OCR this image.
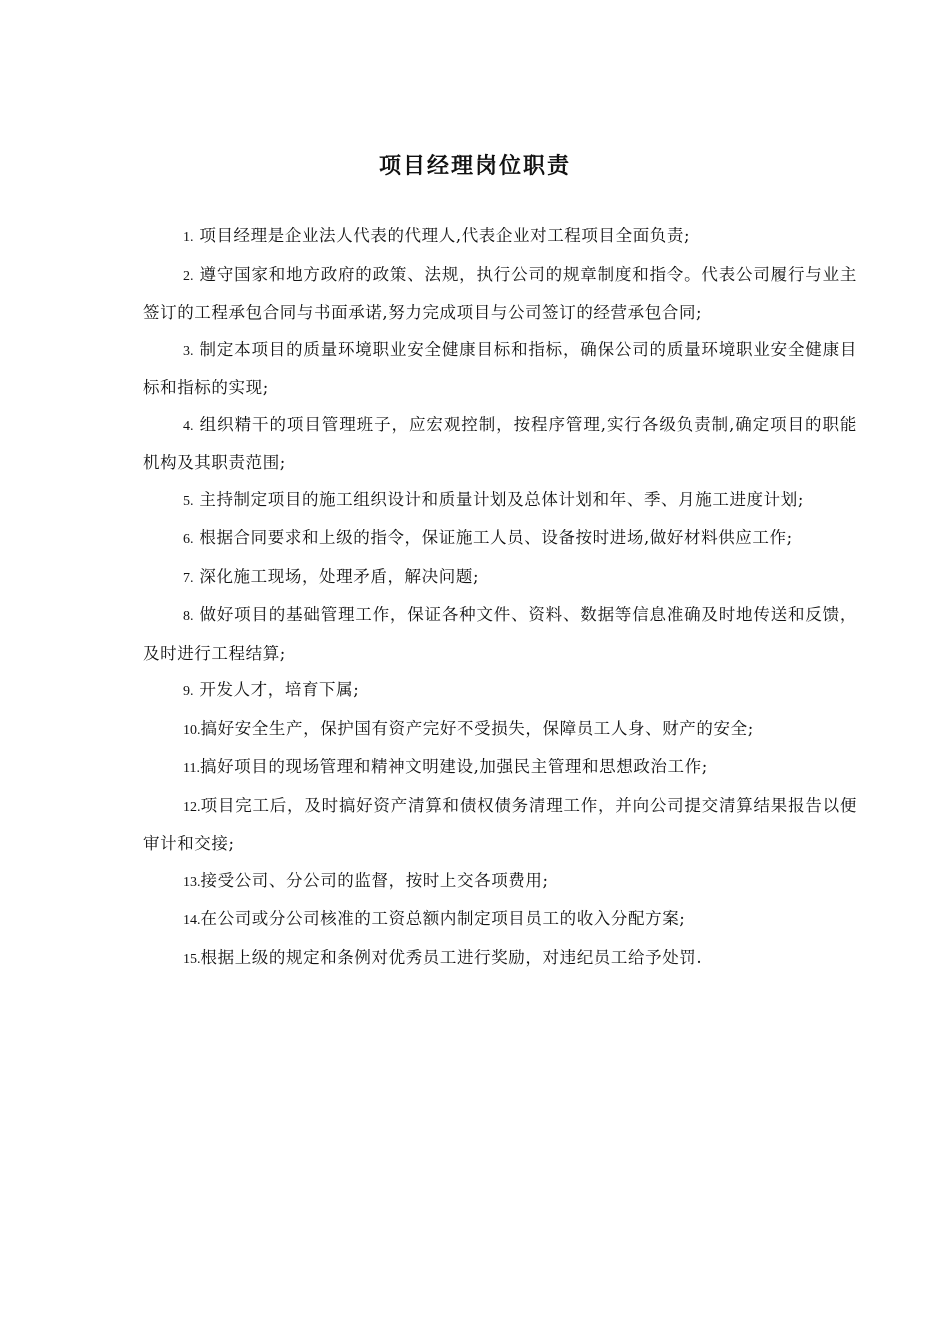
项目经理岗位职责

1. 项目经理是企业法人代表的代理人,代表企业对工程项目全面负责;

2. 遵守国家和地方政府的政策、法规，执行公司的规章制度和指令。代表公司履行与业主签订的工程承包合同与书面承诺,努力完成项目与公司签订的经营承包合同;

3. 制定本项目的质量环境职业安全健康目标和指标，确保公司的质量环境职业安全健康目标和指标的实现;

4. 组织精干的项目管理班子，应宏观控制，按程序管理,实行各级负责制,确定项目的职能机构及其职责范围;

5. 主持制定项目的施工组织设计和质量计划及总体计划和年、季、月施工进度计划;

6. 根据合同要求和上级的指令，保证施工人员、设备按时进场,做好材料供应工作;

7. 深化施工现场，处理矛盾，解决问题;

8. 做好项目的基础管理工作，保证各种文件、资料、数据等信息准确及时地传送和反馈，及时进行工程结算;

9. 开发人才，培育下属;

10.搞好安全生产，保护国有资产完好不受损失，保障员工人身、财产的安全;

11.搞好项目的现场管理和精神文明建设,加强民主管理和思想政治工作;

12.项目完工后，及时搞好资产清算和债权债务清理工作，并向公司提交清算结果报告以便审计和交接;

13.接受公司、分公司的监督，按时上交各项费用;

14.在公司或分公司核准的工资总额内制定项目员工的收入分配方案;

15.根据上级的规定和条例对优秀员工进行奖励，对违纪员工给予处罚.
